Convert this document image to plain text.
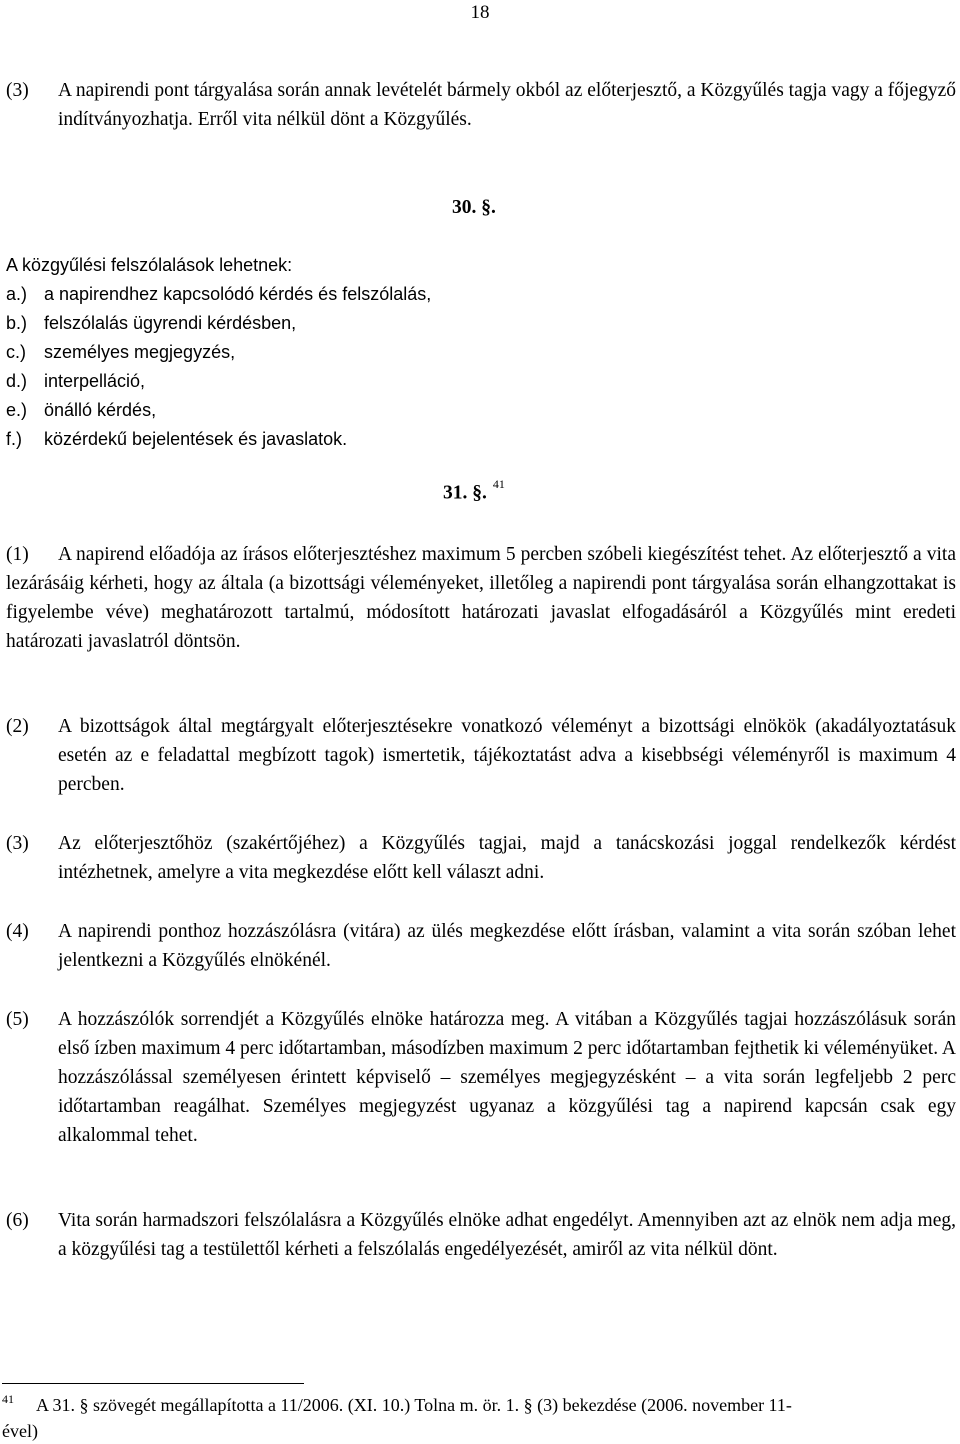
18
(3) A napirendi pont tárgyalása során annak levételét bármely okból az előterjesztő, a Közgyűlés tagja vagy a főjegyző indítványozhatja. Erről vita nélkül dönt a Közgyűlés.
30. §.
A közgyűlési felszólalások lehetnek:
a.) a napirendhez kapcsolódó kérdés és felszólalás,
b.) felszólalás ügyrendi kérdésben,
c.) személyes megjegyzés,
d.) interpelláció,
e.) önálló kérdés,
f.) közérdekű bejelentések és javaslatok.
31. §. $^{41}$
(1)	A napirend előadója az írásos előterjesztéshez maximum 5 percben szóbeli kiegészítést tehet. Az előterjesztő a vita lezárásáig kérheti, hogy az általa (a bizottsági véleményeket, illetőleg a napirendi pont tárgyalása során elhangzottakat is figyelembe véve) meghatározott tartalmú, módosított határozati javaslat elfogadásáról a Közgyűlés mint eredeti határozati javaslatról döntsön.
(2) A bizottságok által megtárgyalt előterjesztésekre vonatkozó véleményt a bizottsági elnökök (akadályoztatásuk esetén az e feladattal megbízott tagok) ismertetik, tájékoztatást adva a kisebbségi véleményről is maximum 4 percben.
(3) Az előterjesztőhöz (szakértőjéhez) a Közgyűlés tagjai, majd a tanácskozási joggal rendelkezők kérdést intézhetnek, amelyre a vita megkezdése előtt kell választ adni.
(4) A napirendi ponthoz hozzászólásra (vitára) az ülés megkezdése előtt írásban, valamint a vita során szóban lehet jelentkezni a Közgyűlés elnökénél.
(5) A hozzászólók sorrendjét a Közgyűlés elnöke határozza meg. A vitában a Közgyűlés tagjai hozzászólásuk során első ízben maximum 4 perc időtartamban, másodízben maximum 2 perc időtartamban fejthetik ki véleményüket. A hozzászólással személyesen érintett képviselő – személyes megjegyzésként – a vita során legfeljebb 2 perc időtartamban reagálhat. Személyes megjegyzést ugyanaz a közgyűlési tag a napirend kapcsán csak egy alkalommal tehet.
(6) Vita során harmadszori felszólalásra a Közgyűlés elnöke adhat engedélyt. Amennyiben azt az elnök nem adja meg, a közgyűlési tag a testülettől kérheti a felszólalás engedélyezését, amiről az vita nélkül dönt.
41 A 31. § szövegét megállapította a 11/2006. (XI. 10.) Tolna m. ör. 1. § (3) bekezdése (2006. november 11-
ével)
